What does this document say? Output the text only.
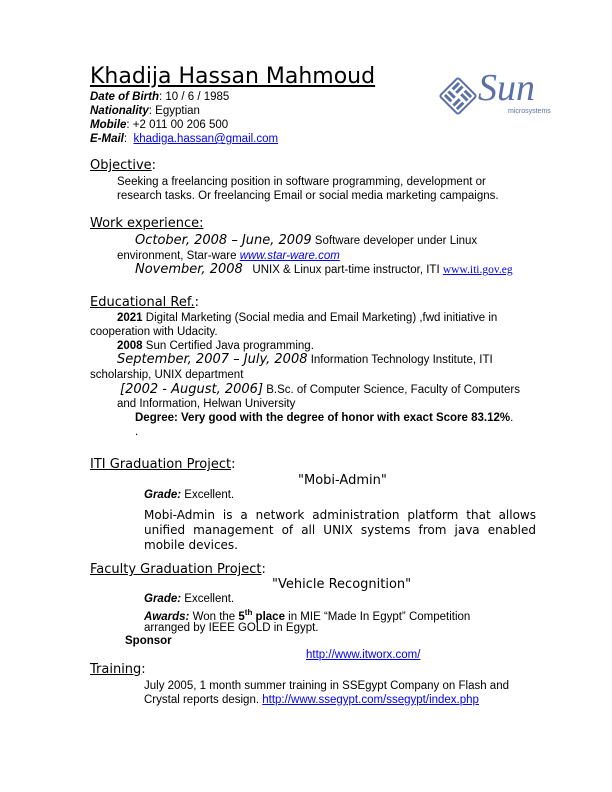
Khadija Hassan Mahmoud
Date of Birth: 10 / 6 / 1985
Nationality: Egyptian
Mobile: +2 011 00 206 500
E-Mail: khadiga.hassan@gmail.com
Sun
microsystems
Objective:
Seeking a freelancing position in software programming, development or
research tasks. Or freelancing Email or social media marketing campaigns.
Work experience:
October, 2008 – June, 2009 Software developer under Linux
environment, Star-ware www.star-ware.com
November, 2008 UNIX & Linux part-time instructor, ITI www.iti.gov.eg
Educational Ref.:
2021 Digital Marketing (Social media and Email Marketing) ,fwd initiative in
cooperation with Udacity.
2008 Sun Certified Java programming.
September, 2007 – July, 2008 Information Technology Institute, ITI
scholarship, UNIX department
[2002 - August, 2006] B.Sc. of Computer Science, Faculty of Computers
and Information, Helwan University
Degree: Very good with the degree of honor with exact Score 83.12%.
.
ITI Graduation Project:
"Mobi-Admin"
Grade: Excellent.
Mobi-Admin is a network administration platform that allows
unified management of all UNIX systems from java enabled
mobile devices.
Faculty Graduation Project:
"Vehicle Recognition"
Grade: Excellent.
Awards: Won the 5th place in MIE “Made In Egypt” Competition
arranged by IEEE GOLD in Egypt.
Sponsor
http://www.itworx.com/
Training:
July 2005, 1 month summer training in SSEgypt Company on Flash and
Crystal reports design. http://www.ssegypt.com/ssegypt/index.php
